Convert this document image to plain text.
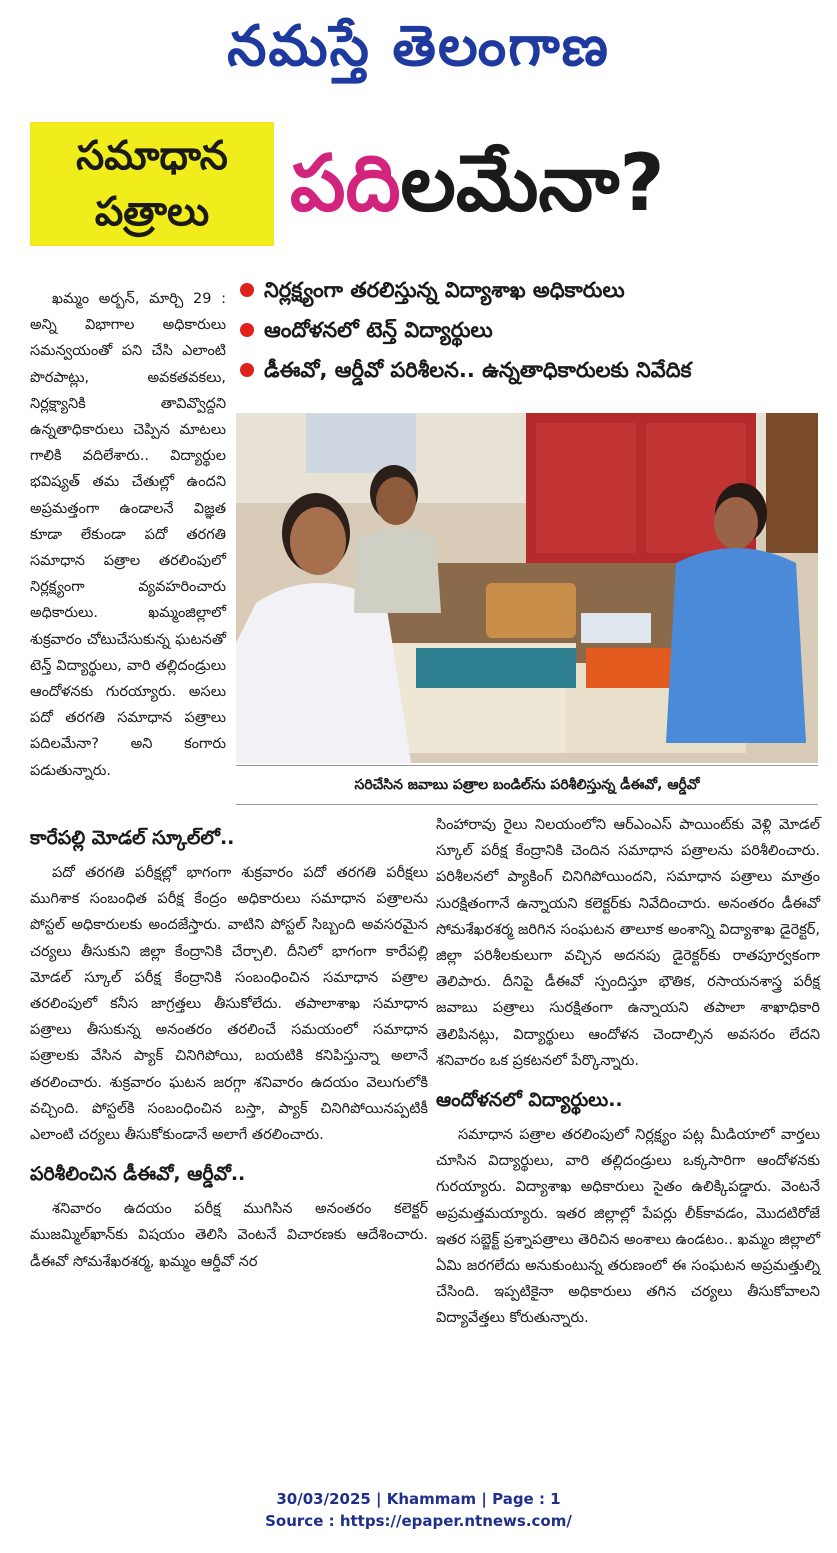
నమస్తే తెలంగాణ
సమాధాన పత్రాలు	పదిలమేనా?
నిర్లక్ష్యంగా తరలిస్తున్న విద్యాశాఖ అధికారులు
ఆందోళనలో టెన్త్ విద్యార్థులు
డీఈవో, ఆర్డీవో పరిశీలన.. ఉన్నతాధికారులకు నివేదిక

ఖమ్మం అర్బన్, మార్చి 29 : అన్ని విభాగాల అధికారులు సమన్వయంతో పని చేసి ఎలాంటి పొరపాట్లు, అవకతవకలు, నిర్లక్ష్యానికి తావివ్వొద్దని ఉన్నతాధికారులు చెప్పిన మాటలు గాలికి వదిలేశారు.. విద్యార్థుల భవిష్యత్ తమ చేతుల్లో ఉందని అప్రమత్తంగా ఉండాలనే విజ్ఞత కూడా లేకుండా పదో తరగతి సమాధాన పత్రాల తరలింపులో నిర్లక్ష్యంగా వ్యవహరించారు అధికారులు. ఖమ్మంజిల్లాలో శుక్రవారం చోటుచేసుకున్న ఘటనతో టెన్త్ విద్యార్థులు, వారి తల్లిదండ్రులు ఆందోళనకు గురయ్యారు. అసలు పదో తరగతి సమాధాన పత్రాలు పదిలమేనా? అని కంగారు పడుతున్నారు.

సరిచేసిన జవాబు పత్రాల బండిల్‌ను పరిశీలిస్తున్న డీఈవో, ఆర్డీవో
కారేపల్లి మోడల్ స్కూల్‌లో..

పదో తరగతి పరీక్షల్లో భాగంగా శుక్రవారం పదో తరగతి పరీక్షలు ముగిశాక సంబంధిత పరీక్ష కేంద్రం అధికారులు సమాధాన పత్రాలను పోస్టల్ అధికారులకు అందజేస్తారు. వాటిని పోస్టల్ సిబ్బంది అవసరమైన చర్యలు తీసుకుని జిల్లా కేంద్రానికి చేర్చాలి. దీనిలో భాగంగా కారేపల్లి మోడల్ స్కూల్ పరీక్ష కేంద్రానికి సంబంధించిన సమాధాన పత్రాల తరలింపులో కనీస జాగ్రత్తలు తీసుకోలేదు. తపాలాశాఖ సమాధాన పత్రాలు తీసుకున్న అనంతరం తరలించే సమయంలో సమాధాన పత్రాలకు వేసిన ప్యాక్ చినిగిపోయి, బయటికి కనిపిస్తున్నా అలానే తరలించారు. శుక్రవారం ఘటన జరగ్గా శనివారం ఉదయం వెలుగులోకి వచ్చింది. పోస్టల్‌కి సంబంధించిన బస్తా, ప్యాక్ చినిగిపోయినప్పటికీ ఎలాంటి చర్యలు తీసుకోకుండానే అలాగే తరలించారు.

పరిశీలించిన డీఈవో, ఆర్డీవో..

శనివారం ఉదయం పరీక్ష ముగిసిన అనంతరం కలెక్టర్ ముజమ్మిల్‌ఖాన్‌కు విషయం తెలిసి వెంటనే విచారణకు ఆదేశించారు. డీఈవో సోమశేఖరశర్మ, ఖమ్మం ఆర్డీవో నర

సింహారావు రైలు నిలయంలోని ఆర్ఎంఎస్ పాయింట్‌కు వెళ్లి మోడల్ స్కూల్ పరీక్ష కేంద్రానికి చెందిన సమాధాన పత్రాలను పరిశీలించారు. పరిశీలనలో ప్యాకింగ్ చినిగిపోయిందని, సమాధాన పత్రాలు మాత్రం సురక్షితంగానే ఉన్నాయని కలెక్టర్‌కు నివేదించారు. అనంతరం డీఈవో సోమశేఖరశర్మ జరిగిన సంఘటన తాలూక అంశాన్ని విద్యాశాఖ డైరెక్టర్, జిల్లా పరిశీలకులుగా వచ్చిన అదనపు డైరెక్టర్‌కు రాతపూర్వకంగా తెలిపారు. దీనిపై డీఈవో స్పందిస్తూ భౌతిక, రసాయనశాస్త్ర పరీక్ష జవాబు పత్రాలు సురక్షితంగా ఉన్నాయని తపాలా శాఖాధికారి తెలిపినట్లు, విద్యార్థులు ఆందోళన చెందాల్సిన అవసరం లేదని శనివారం ఒక ప్రకటనలో పేర్కొన్నారు.

ఆందోళనలో విద్యార్థులు..

సమాధాన పత్రాల తరలింపులో నిర్లక్ష్యం పట్ల మీడియాలో వార్తలు చూసిన విద్యార్థులు, వారి తల్లిదండ్రులు ఒక్కసారిగా ఆందోళనకు గురయ్యారు. విద్యాశాఖ అధికారులు సైతం ఉలిక్కిపడ్డారు. వెంటనే అప్రమత్తమయ్యారు. ఇతర జిల్లాల్లో పేపర్లు లీక్‌కావడం, మొదటిరోజే ఇతర సబ్జెక్ట్ ప్రశ్నాపత్రాలు తెరిచిన అంశాలు ఉండటం.. ఖమ్మం జిల్లాలో ఏమి జరగలేదు అనుకుంటున్న తరుణంలో ఈ సంఘటన అప్రమత్తుల్ని చేసింది. ఇప్పటికైనా అధికారులు తగిన చర్యలు తీసుకోవాలని విద్యావేత్తలు కోరుతున్నారు.

30/03/2025 | Khammam | Page : 1
Source : https://epaper.ntnews.com/
